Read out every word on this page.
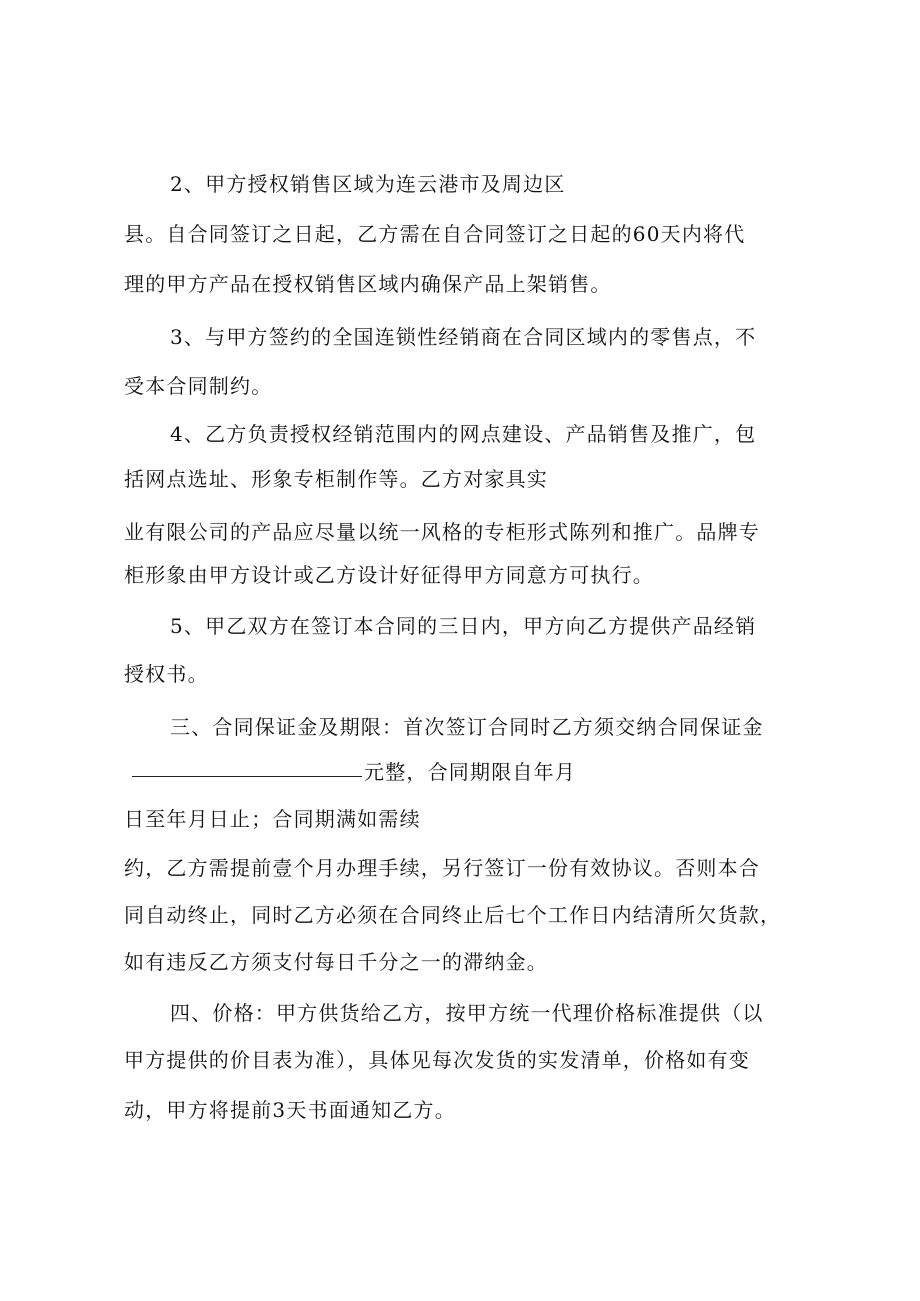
2、甲方授权销售区域为连云港市及周边区
县。自合同签订之日起，乙方需在自合同签订之日起的60天内将代
理的甲方产品在授权销售区域内确保产品上架销售。
3、与甲方签约的全国连锁性经销商在合同区域内的零售点，不
受本合同制约。
4、乙方负责授权经销范围内的网点建设、产品销售及推广，包
括网点选址、形象专柜制作等。乙方对家具实
业有限公司的产品应尽量以统一风格的专柜形式陈列和推广。品牌专
柜形象由甲方设计或乙方设计好征得甲方同意方可执行。
5、甲乙双方在签订本合同的三日内，甲方向乙方提供产品经销
授权书。
三、合同保证金及期限：首次签订合同时乙方须交纳合同保证金
元整，合同期限自年月
日至年月日止；合同期满如需续
约，乙方需提前壹个月办理手续，另行签订一份有效协议。否则本合
同自动终止，同时乙方必须在合同终止后七个工作日内结清所欠货款，
如有违反乙方须支付每日千分之一的滞纳金。
四、价格：甲方供货给乙方，按甲方统一代理价格标准提供（以
甲方提供的价目表为准），具体见每次发货的实发清单，价格如有变
动，甲方将提前3天书面通知乙方。
